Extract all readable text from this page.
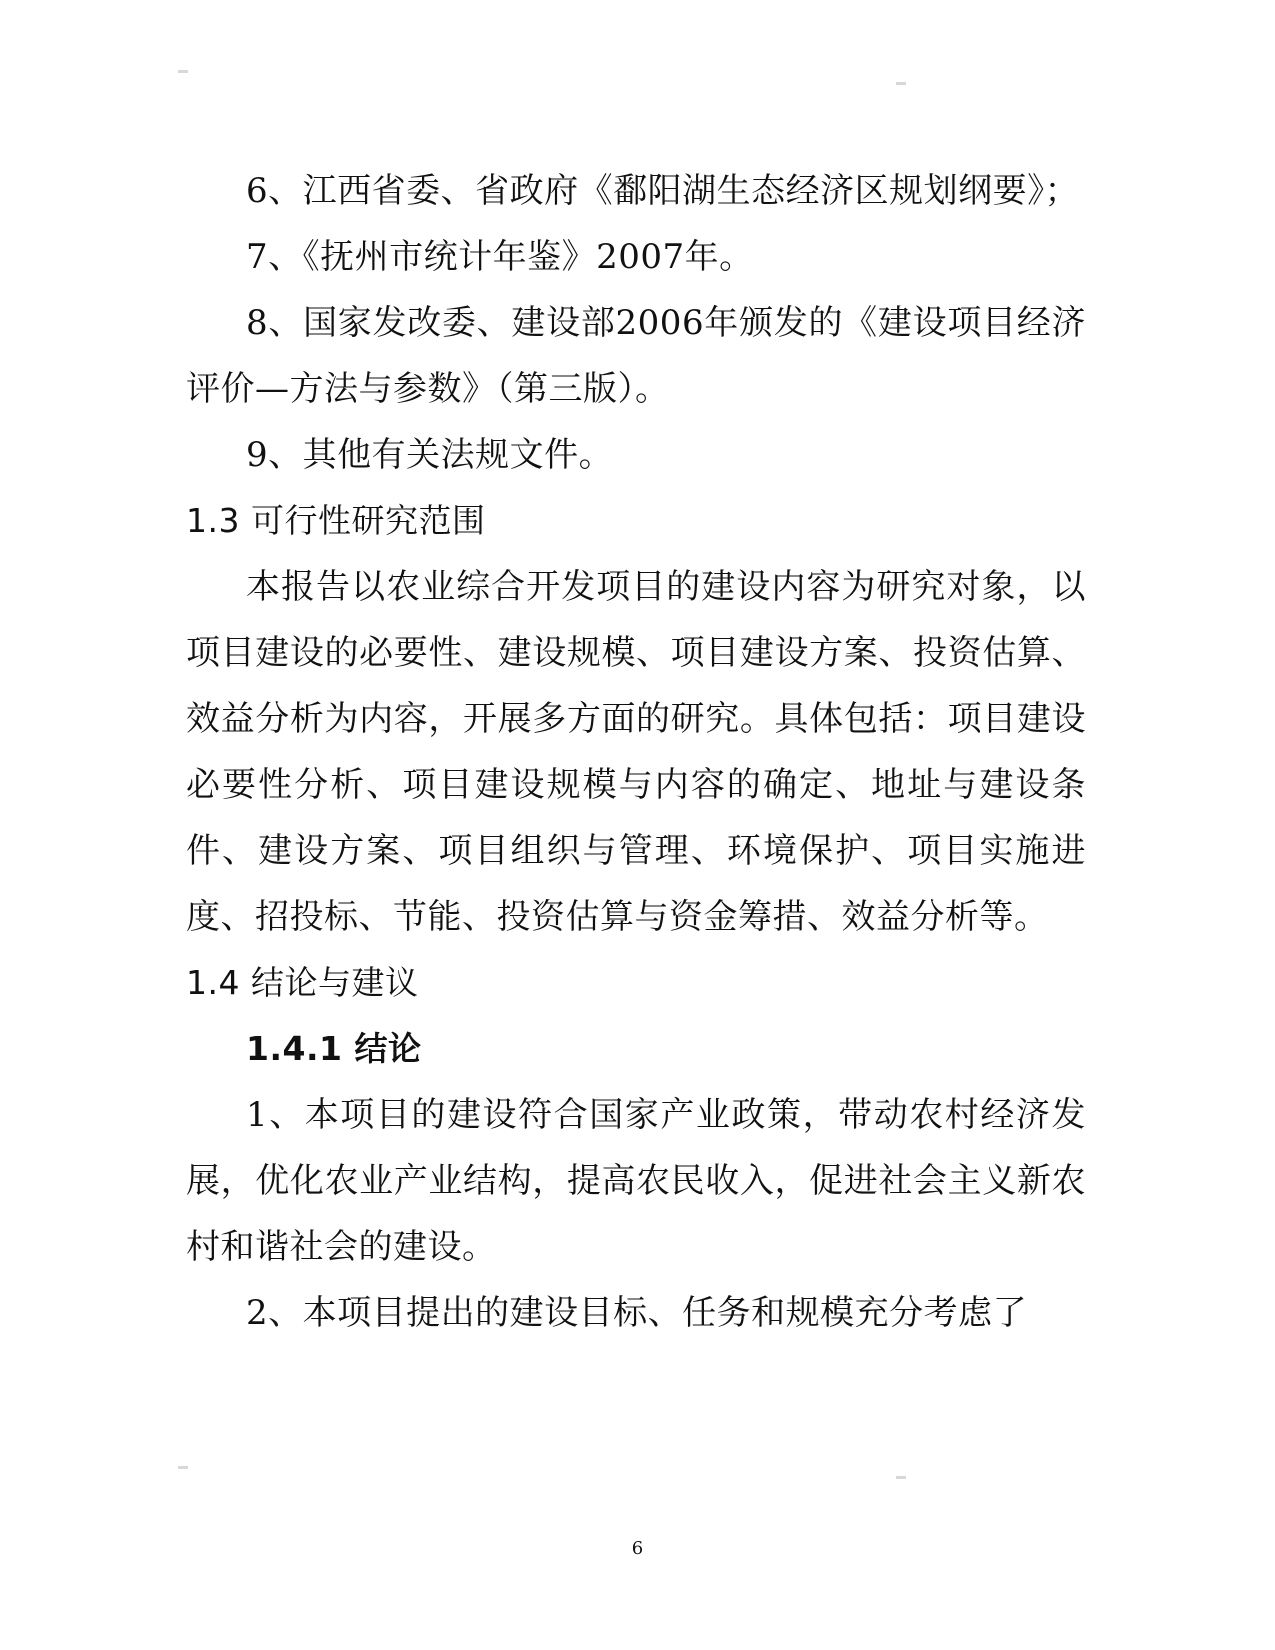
6、江西省委、省政府《鄱阳湖生态经济区规划纲要》；

7、《抚州市统计年鉴》2007年。

8、国家发改委、建设部2006年颁发的《建设项目经济评价—方法与参数》（第三版）。

9、其他有关法规文件。

1.3 可行性研究范围

本报告以农业综合开发项目的建设内容为研究对象，以项目建设的必要性、建设规模、项目建设方案、投资估算、效益分析为内容，开展多方面的研究。具体包括：项目建设必要性分析、项目建设规模与内容的确定、地址与建设条件、建设方案、项目组织与管理、环境保护、项目实施进度、招投标、节能、投资估算与资金筹措、效益分析等。

1.4 结论与建议
1.4.1 结论

1、本项目的建设符合国家产业政策，带动农村经济发展，优化农业产业结构，提高农民收入，促进社会主义新农村和谐社会的建设。

2、本项目提出的建设目标、任务和规模充分考虑了

6
